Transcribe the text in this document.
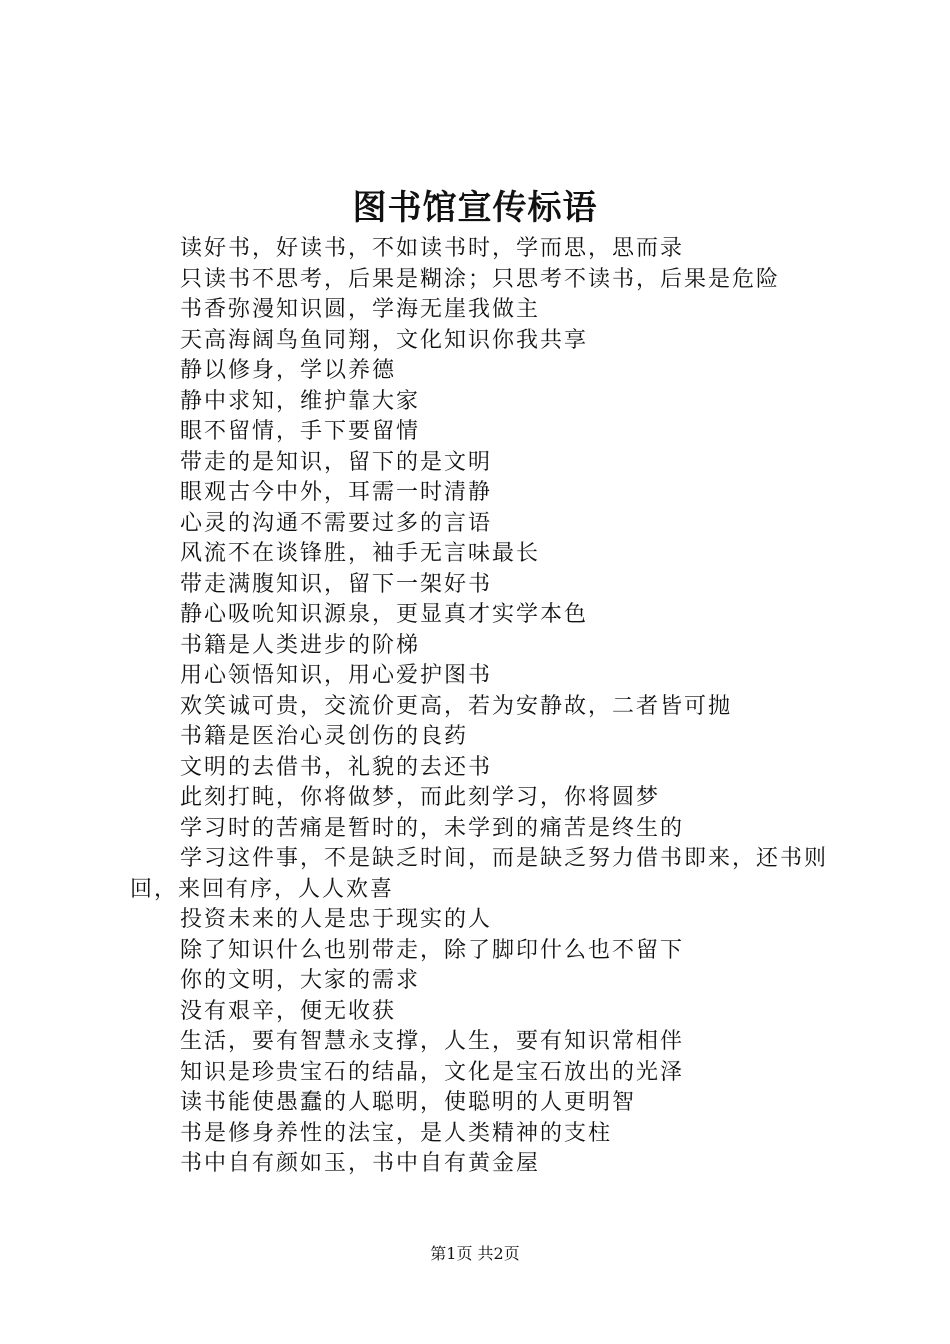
图书馆宣传标语
读好书，好读书，不如读书时，学而思，思而录
只读书不思考，后果是糊涂；只思考不读书，后果是危险
书香弥漫知识圆，学海无崖我做主
天高海阔鸟鱼同翔，文化知识你我共享
静以修身，学以养德
静中求知，维护靠大家
眼不留情，手下要留情
带走的是知识，留下的是文明
眼观古今中外，耳需一时清静
心灵的沟通不需要过多的言语
风流不在谈锋胜，袖手无言味最长
带走满腹知识，留下一架好书
静心吸吮知识源泉，更显真才实学本色
书籍是人类进步的阶梯
用心领悟知识，用心爱护图书
欢笑诚可贵，交流价更高，若为安静故，二者皆可抛
书籍是医治心灵创伤的良药
文明的去借书，礼貌的去还书
此刻打盹，你将做梦，而此刻学习，你将圆梦
学习时的苦痛是暂时的，未学到的痛苦是终生的
学习这件事，不是缺乏时间，而是缺乏努力借书即来，还书则回，来回有序，人人欢喜
投资未来的人是忠于现实的人
除了知识什么也别带走，除了脚印什么也不留下
你的文明，大家的需求
没有艰辛，便无收获
生活，要有智慧永支撑，人生，要有知识常相伴
知识是珍贵宝石的结晶，文化是宝石放出的光泽
读书能使愚蠢的人聪明，使聪明的人更明智
书是修身养性的法宝，是人类精神的支柱
书中自有颜如玉，书中自有黄金屋
第1页 共2页
